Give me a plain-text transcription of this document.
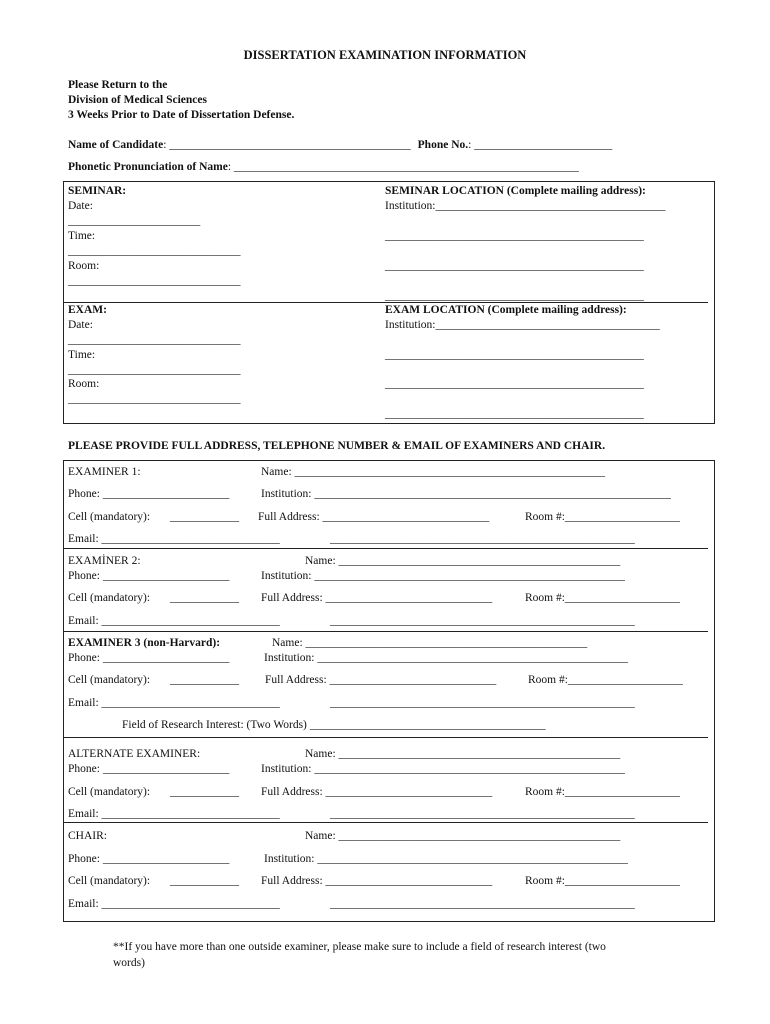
DISSERTATION EXAMINATION INFORMATION
Please Return to the
Division of Medical Sciences
3 Weeks Prior to Date of Dissertation Defense.
Name of Candidate: __________________________________________ Phone No.: ________________________
Phonetic Pronunciation of Name: ____________________________________________________________
SEMINAR:
Date:
_______________________
Time:
______________________________
Room:
______________________________
SEMINAR LOCATION (Complete mailing address):
Institution:________________________________________
_____________________________________________
_____________________________________________
_____________________________________________
EXAM:
Date:
______________________________
Time:
______________________________
Room:
______________________________
EXAM LOCATION (Complete mailing address):
Institution:_______________________________________
_____________________________________________
_____________________________________________
_____________________________________________
PLEASE PROVIDE FULL ADDRESS, TELEPHONE NUMBER & EMAIL OF EXAMINERS AND CHAIR.
EXAMINER 1:	Name: ______________________________________________________
Phone: ______________________	Institution: ______________________________________________________________
Cell (mandatory): ____________ Full Address: _____________________________	Room #:____________________
Email: _______________________________	_____________________________________________________
EXAMİNER 2:	Name: _________________________________________________
Phone: ______________________	Institution: ______________________________________________________
Cell (mandatory): ____________ Full Address: _____________________________	Room #:____________________
Email: _______________________________	_____________________________________________________
EXAMINER 3 (non-Harvard):	Name: _________________________________________________
Phone: ______________________	Institution: ______________________________________________________
Cell (mandatory): ____________ Full Address: _____________________________	Room #:____________________
Email: _______________________________	_____________________________________________________
Field of Research Interest: (Two Words) _________________________________________
ALTERNATE EXAMINER:	Name: _________________________________________________
Phone: ______________________	Institution: ______________________________________________________
Cell (mandatory): ____________ Full Address: _____________________________	Room #:____________________
Email: _______________________________	_____________________________________________________
CHAIR:	Name: _________________________________________________
Phone: ______________________	Institution: ______________________________________________________
Cell (mandatory): ____________ Full Address: _____________________________	Room #:____________________
Email: _______________________________	_____________________________________________________
**If you have more than one outside examiner, please make sure to include a field of research interest (two
words)
